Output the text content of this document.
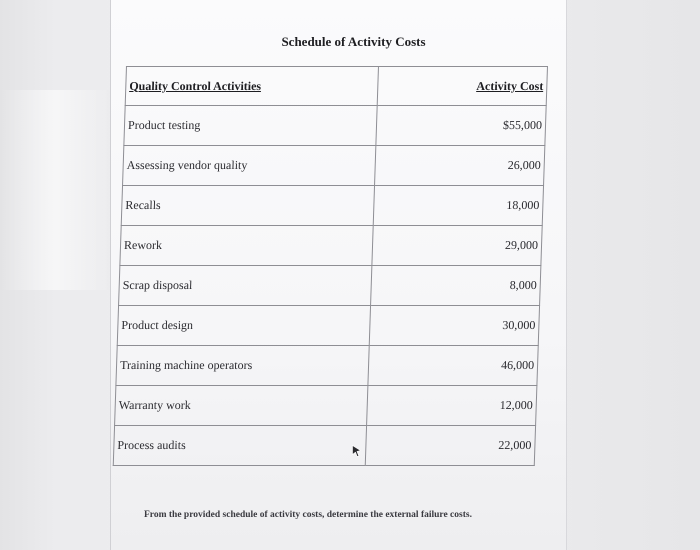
Schedule of Activity Costs
Quality Control Activities	Activity Cost
Product testing	$55,000
Assessing vendor quality	26,000
Recalls	18,000
Rework	29,000
Scrap disposal	8,000
Product design	30,000
Training machine operators	46,000
Warranty work	12,000
Process audits	22,000
From the provided schedule of activity costs, determine the external failure costs.
